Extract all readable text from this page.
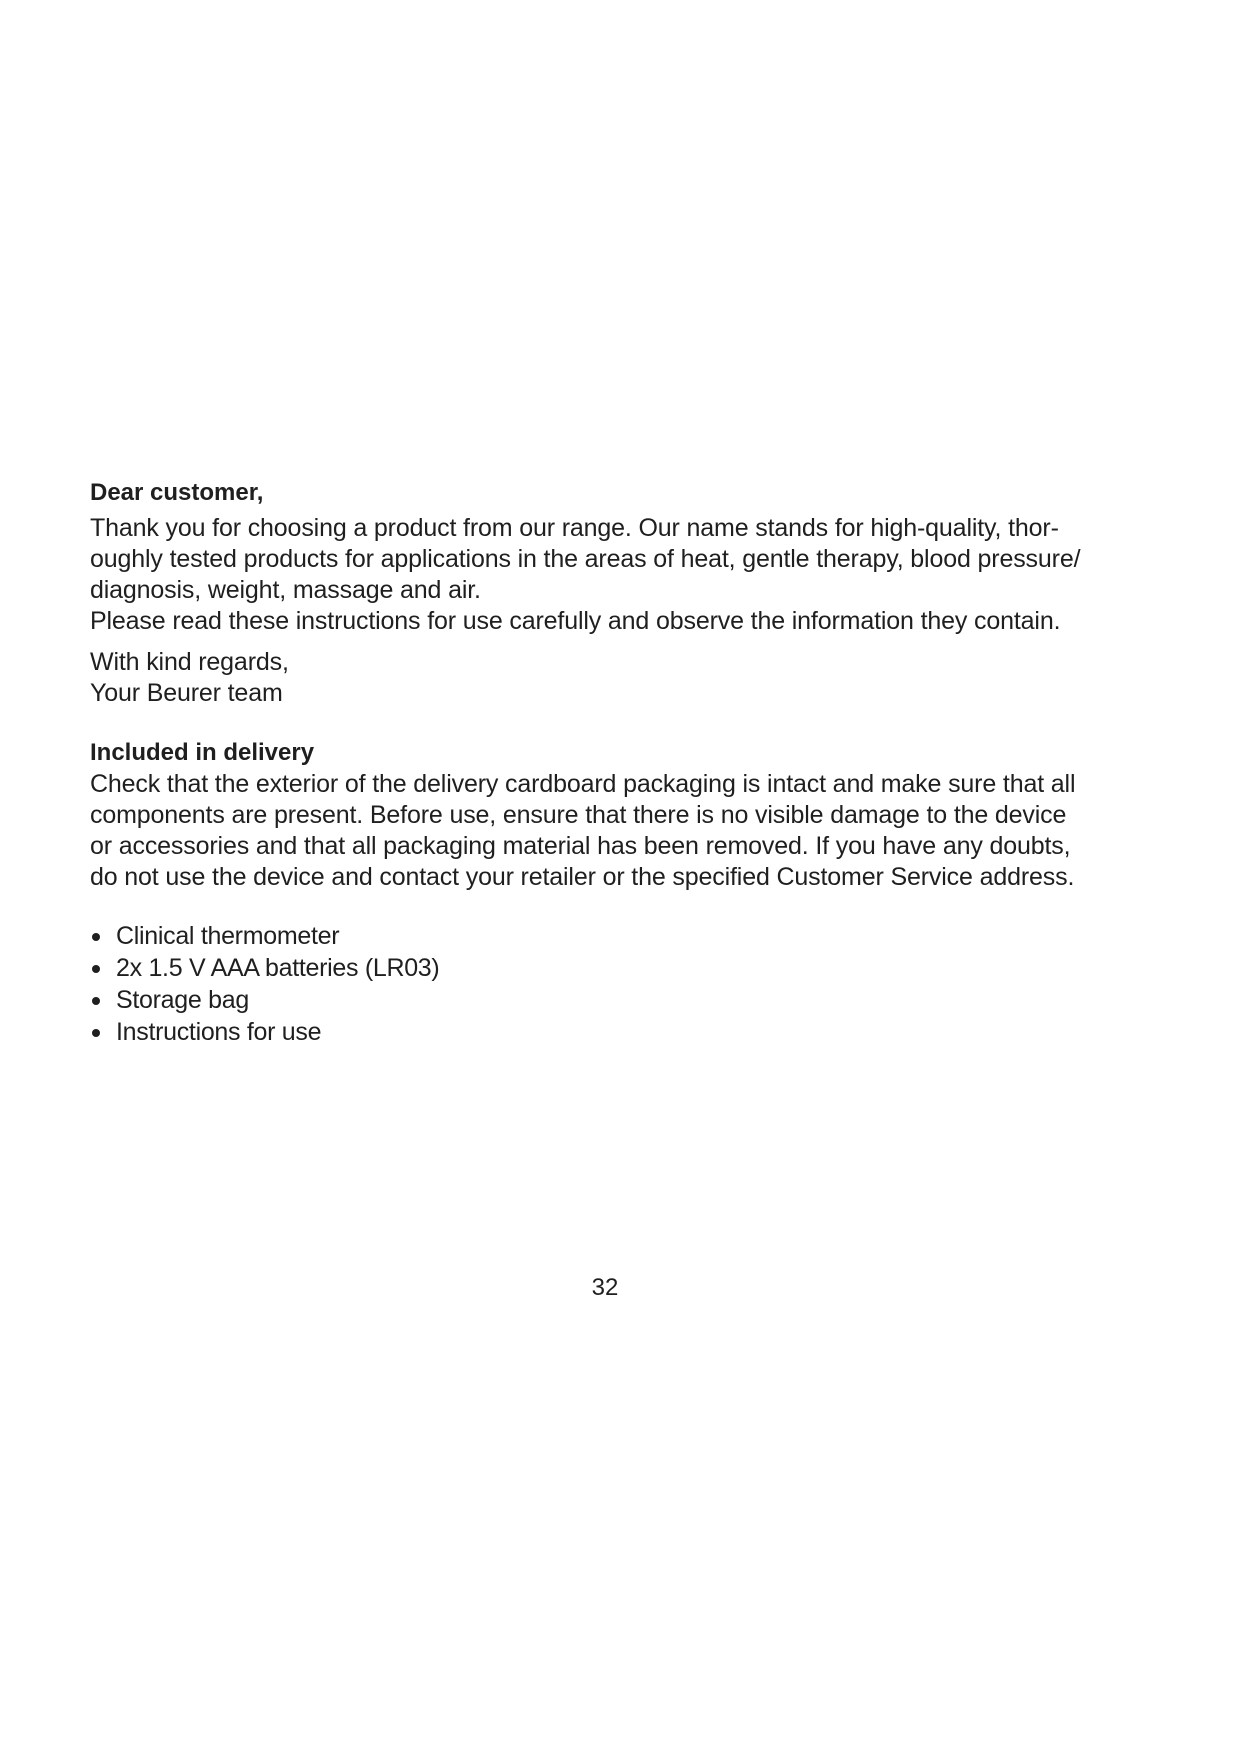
Dear customer,

Thank you for choosing a product from our range. Our name stands for high-quality, thor-
oughly tested products for applications in the areas of heat, gentle therapy, blood pressure/
diagnosis, weight, massage and air.
Please read these instructions for use carefully and observe the information they contain.

With kind regards,
Your Beurer team

Included in delivery

Check that the exterior of the delivery cardboard packaging is intact and make sure that all
components are present. Before use, ensure that there is no visible damage to the device
or accessories and that all packaging material has been removed. If you have any doubts,
do not use the device and contact your retailer or the specified Customer Service address.

Clinical thermometer
2x 1.5 V AAA batteries (LR03)
Storage bag
Instructions for use
32
